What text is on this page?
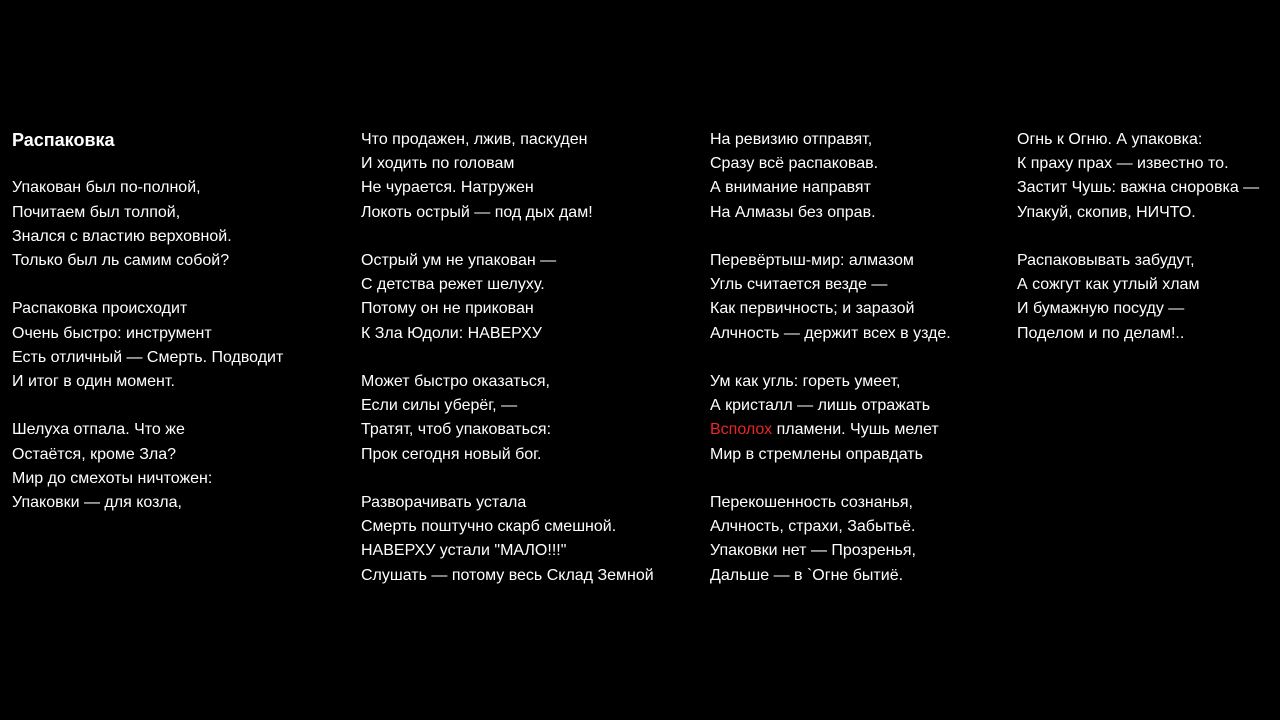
Распаковка
Упакован был по-полной,
Почитаем был толпой,
Знался с властию верховной.
Только был ль самим собой?
Распаковка происходит
Очень быстро: инструмент
Есть отличный — Смерть. Подводит
И итог в один момент.
Шелуха отпала. Что же
Остаётся, кроме Зла?
Мир до смехоты ничтожен:
Упаковки — для козла,
Что продажен, лжив, паскуден
И ходить по головам
Не чурается. Натружен
Локоть острый — под дых дам!
Острый ум не упакован —
С детства режет шелуху.
Потому он не прикован
К Зла Юдоли: НАВЕРХУ
Может быстро оказаться,
Если силы уберёг, —
Тратят, чтоб упаковаться:
Прок сегодня новый бог.
Разворачивать устала
Смерть поштучно скарб смешной.
НАВЕРХУ устали "МАЛО!!!"
Слушать — потому весь Склад Земной
На ревизию отправят,
Сразу всё распаковав.
А внимание направят
На Алмазы без оправ.
Перевёртыш-мир: алмазом
Угль считается везде —
Как первичность; и заразой
Алчность — держит всех в узде.
Ум как угль: гореть умеет,
А кристалл — лишь отражать
Всполох пламени. Чушь мелет
Мир в стремлены оправдать
Перекошенность сознанья,
Алчность, страхи, Забытьё.
Упаковки нет — Прозренья,
Дальше — в `Огне бытиё.
Огнь к Огню. А упаковка:
К праху прах — известно то.
Застит Чушь: важна сноровка —
Упакуй, скопив, НИЧТО.
Распаковывать забудут,
А сожгут как утлый хлам
И бумажную посуду —
Поделом и по делам!..
